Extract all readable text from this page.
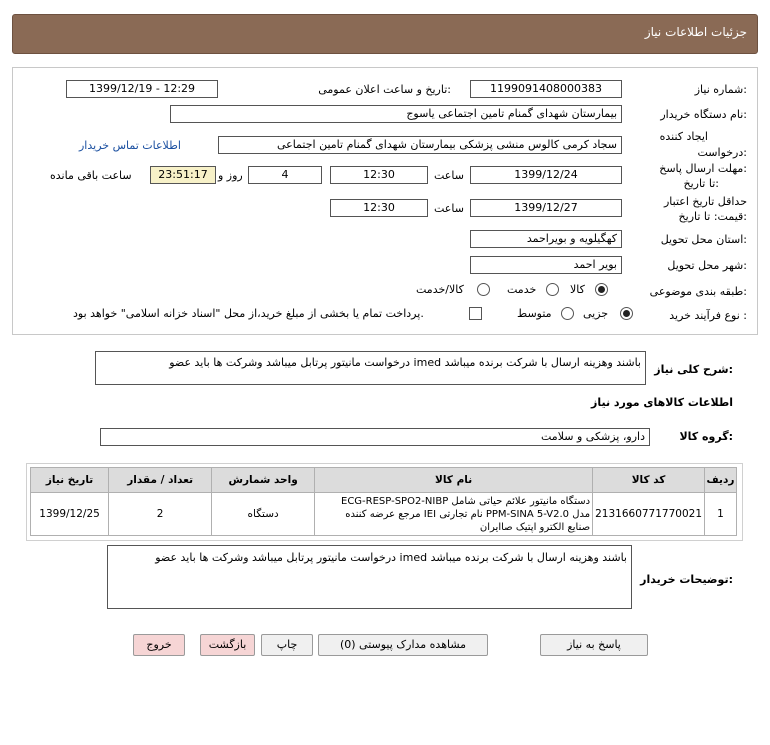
جزئیات اطلاعات نیاز
شماره نیاز:
1199091408000383
تاریخ و ساعت اعلان عمومی:
1399/12/19 - 12:29
نام دستگاه خریدار:
بیمارستان شهدای گمنام تامین اجتماعی یاسوج
ایجاد کننده
درخواست:
سجاد کرمی کالوس منشی پزشکی بیمارستان شهدای گمنام تامین اجتماعی
اطلاعات تماس خریدار
مهلت ارسال پاسخ:
تا تاریخ:
1399/12/24
ساعت
12:30
4
روز و
23:51:17
ساعت باقی مانده
حداقل تاریخ اعتبار
قیمت: تا تاریخ:
1399/12/27
ساعت
12:30
استان محل تحویل:
کهگیلویه و بویراحمد
شهر محل تحویل:
بویر احمد
طبقه بندی موضوعی:
کالا
خدمت
کالا/خدمت
نوع فرآیند خرید :
جزیی
متوسط
پرداخت تمام یا بخشی از مبلغ خرید،از محل "اسناد خزانه اسلامی" خواهد بود.
شرح کلی نیاز:
درخواست مانیتور پرتابل میباشد وشرکت ها باید عضو imed باشند وهزینه ارسال با شرکت برنده میباشد
اطلاعات کالاهای مورد نیاز
گروه کالا:
دارو، پزشکی و سلامت
ردیف	کد کالا	نام کالا	واحد شمارش	تعداد / مقدار	تاریخ نیاز
1	2131660771770021	دستگاه مانیتور علائم حیاتی شامل ECG-RESP-SPO2-NIBP
مدل PPM-SINA 5-V2.0 نام تجارتی IEI مرجع عرضه کننده
صنایع الکترو اپتیک صاایران	دستگاه	2	1399/12/25
توضیحات خریدار:
درخواست مانیتور پرتابل میباشد وشرکت ها باید عضو imed باشند وهزینه ارسال با شرکت برنده میباشد
پاسخ به نیاز
مشاهده مدارک پیوستی (0)
چاپ
بازگشت
خروج
